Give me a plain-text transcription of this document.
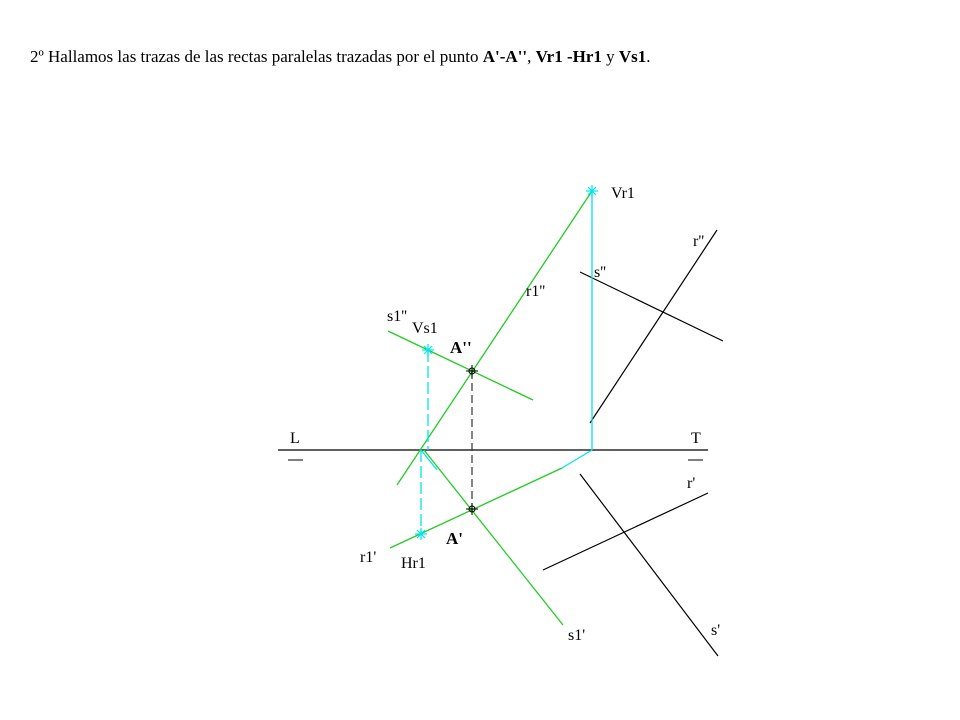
2º Hallamos las trazas de las rectas paralelas trazadas por el punto A'-A'', Vr1 -Hr1 y Vs1.
Vr1
Vs1
Hr1
A''
A'
r1''
s1''
r1'
s1'
r''
s''
r'
s'
L	T
